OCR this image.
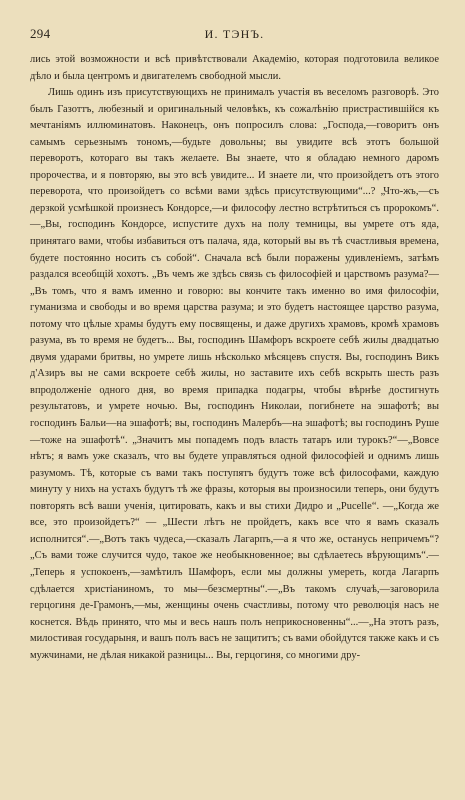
294	И. ТЭНЪ.

лись этой возможности и всѣ привѣтствовали Академію, которая подготовила великое дѣло и была центромъ и двигателемъ свободной мысли.

Лишь одинъ изъ присутствующихъ не принималъ участія въ веселомъ разговорѣ. Это былъ Газоттъ, любезный и оригинальный человѣкъ, къ сожалѣнію пристрастившійся къ мечтаніямъ иллюминатовъ. Наконецъ, онъ попросилъ слова: „Господа,—говоритъ онъ самымъ серьезнымъ тономъ,—будьте довольны; вы увидите всѣ этотъ большой переворотъ, котораго вы такъ желаете. Вы знаете, что я обладаю немного даромъ пророчества, и я повторяю, вы это всѣ увидите... И знаете ли, что произойдетъ отъ этого переворота, что произойдетъ со всѣми вами здѣсь присутствующими“...? „Что-жъ,—съ дерзкой усмѣшкой произнесъ Кондорсе,—и философу лестно встрѣтиться съ пророкомъ“.—„Вы, господинъ Кондорсе, испустите духъ на полу темницы, вы умрете отъ яда, принятаго вами, чтобы избавиться отъ палача, яда, который вы въ тѣ счастливыя времена, будете постоянно носить съ собой“. Сначала всѣ были поражены удивленіемъ, затѣмъ раздался всеобщій хохотъ. „Въ чемъ же здѣсь связь съ философіей и царствомъ разума?—„Въ томъ, что я вамъ именно и говорю: вы кончите такъ именно во имя философіи, гуманизма и свободы и во время царства разума; и это будетъ настоящее царство разума, потому что цѣлые храмы будутъ ему посвящены, и даже другихъ храмовъ, кромѣ храмовъ разума, въ то время не будетъ... Вы, господинъ Шамфоръ вскроете себѣ жилы двадцатью двумя ударами бритвы, но умрете лишь нѣсколько мѣсяцевъ спустя. Вы, господинъ Викъ д'Азиръ вы не сами вскроете себѣ жилы, но заставите ихъ себѣ вскрыть шесть разъ впродолженіе одного дня, во время припадка подагры, чтобы вѣрнѣе достигнуть результатовъ, и умрете ночью. Вы, господинъ Николаи, погибнете на эшафотѣ; вы господинъ Бальи—на эшафотѣ; вы, господинъ Малербъ—на эшафотѣ; вы господинъ Руше—тоже на эшафотѣ“. „Значитъ мы попадемъ подъ власть татаръ или турокъ?“—„Вовсе нѣтъ; я вамъ уже сказалъ, что вы будете управляться одной философіей и однимъ лишь разумомъ. Тѣ, которые съ вами такъ поступятъ будутъ тоже всѣ философами, каждую минуту у нихъ на устахъ будутъ тѣ же фразы, которыя вы произносили теперь, они будутъ повторять всѣ ваши ученія, цитировать, какъ и вы стихи Дидро и „Pucelle“. —„Когда же все, это произойдетъ?“ — „Шести лѣтъ не пройдетъ, какъ все что я вамъ сказалъ исполнится“.—„Вотъ такъ чудеса,—сказалъ Лагарпъ,—а я что же, останусь непричемъ“? „Съ вами тоже случится чудо, такое же необыкновенное; вы сдѣлаетесь вѣрующимъ“.—„Теперь я успокоенъ,—замѣтилъ Шамфоръ, если мы должны умереть, когда Лагарпъ сдѣлается христіаниномъ, то мы—безсмертны“.—„Въ такомъ случаѣ,—заговорила герцогиня де-Грамонъ,—мы, женщины очень счастливы, потому что революція насъ не коснется. Вѣдь принято, что мы и весь нашъ полъ неприкосновенны“...—„На этотъ разъ, милостивая государыня, и вашъ полъ васъ не защититъ; съ вами обойдутся также какъ и съ мужчинами, не дѣлая никакой разницы... Вы, герцогиня, со многими дру-
